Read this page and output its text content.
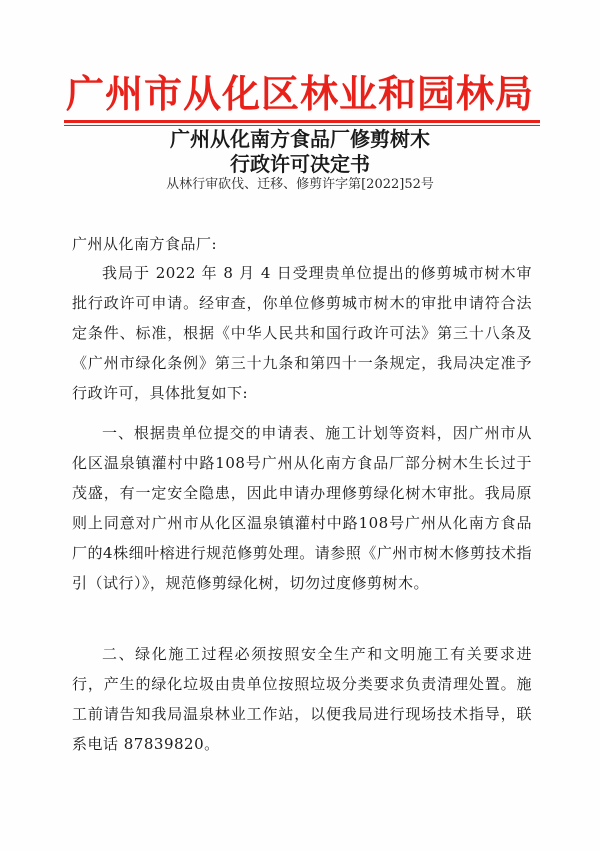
广州市从化区林业和园林局
广州从化南方食品厂修剪树木
行政许可决定书
从林行审砍伐、迁移、修剪许字第[2022]52号

广州从化南方食品厂:

我局于 2022 年 8 月 4 日受理贵单位提出的修剪城市树木审批行政许可申请。经审查，你单位修剪城市树木的审批申请符合法定条件、标准，根据《中华人民共和国行政许可法》第三十八条及《广州市绿化条例》第三十九条和第四十一条规定，我局决定准予行政许可，具体批复如下:

一、根据贵单位提交的申请表、施工计划等资料，因广州市从化区温泉镇灌村中路108号广州从化南方食品厂部分树木生长过于茂盛，有一定安全隐患，因此申请办理修剪绿化树木审批。我局原则上同意对广州市从化区温泉镇灌村中路108号广州从化南方食品厂的4株细叶榕进行规范修剪处理。请参照《广州市树木修剪技术指引（试行）》，规范修剪绿化树，切勿过度修剪树木。

二、绿化施工过程必须按照安全生产和文明施工有关要求进行，产生的绿化垃圾由贵单位按照垃圾分类要求负责清理处置。施工前请告知我局温泉林业工作站，以便我局进行现场技术指导，联系电话 87839820。
